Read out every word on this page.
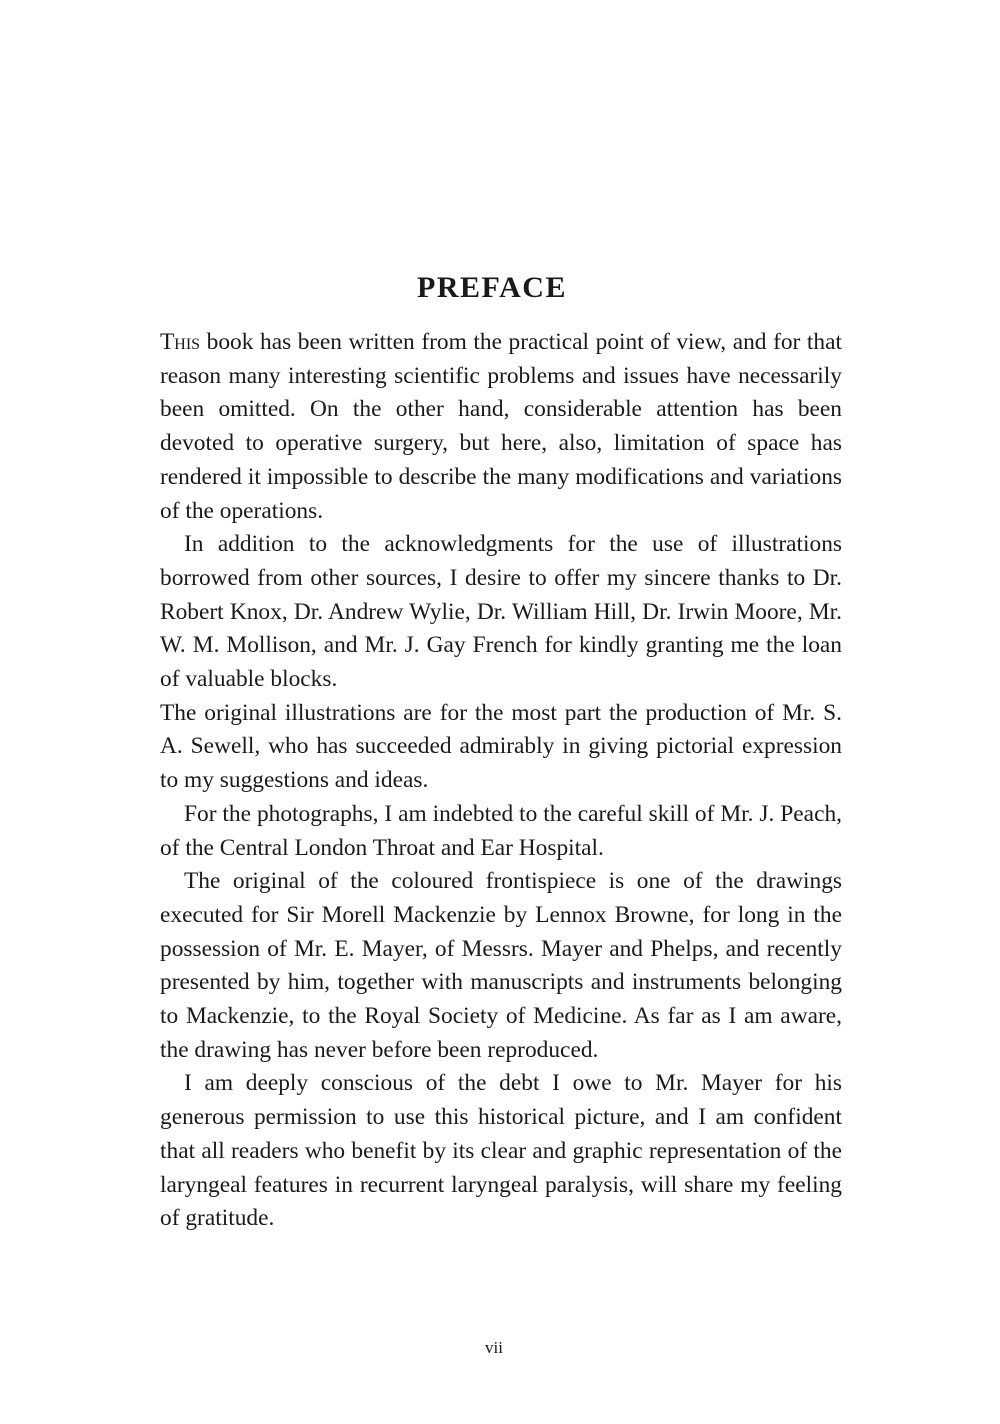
PREFACE

This book has been written from the practical point of view, and for that reason many interesting scientific problems and issues have necessarily been omitted. On the other hand, considerable attention has been devoted to operative surgery, but here, also, limitation of space has rendered it impossible to describe the many modifications and variations of the operations.

In addition to the acknowledgments for the use of illustrations borrowed from other sources, I desire to offer my sincere thanks to Dr. Robert Knox, Dr. Andrew Wylie, Dr. William Hill, Dr. Irwin Moore, Mr. W. M. Mollison, and Mr. J. Gay French for kindly granting me the loan of valuable blocks.

The original illustrations are for the most part the production of Mr. S. A. Sewell, who has succeeded admirably in giving pictorial expression to my suggestions and ideas.

For the photographs, I am indebted to the careful skill of Mr. J. Peach, of the Central London Throat and Ear Hospital.

The original of the coloured frontispiece is one of the drawings executed for Sir Morell Mackenzie by Lennox Browne, for long in the possession of Mr. E. Mayer, of Messrs. Mayer and Phelps, and recently presented by him, together with manuscripts and instruments belonging to Mackenzie, to the Royal Society of Medicine. As far as I am aware, the drawing has never before been reproduced.

I am deeply conscious of the debt I owe to Mr. Mayer for his generous permission to use this historical picture, and I am confident that all readers who benefit by its clear and graphic representation of the laryngeal features in recurrent laryngeal paralysis, will share my feeling of gratitude.

vii
